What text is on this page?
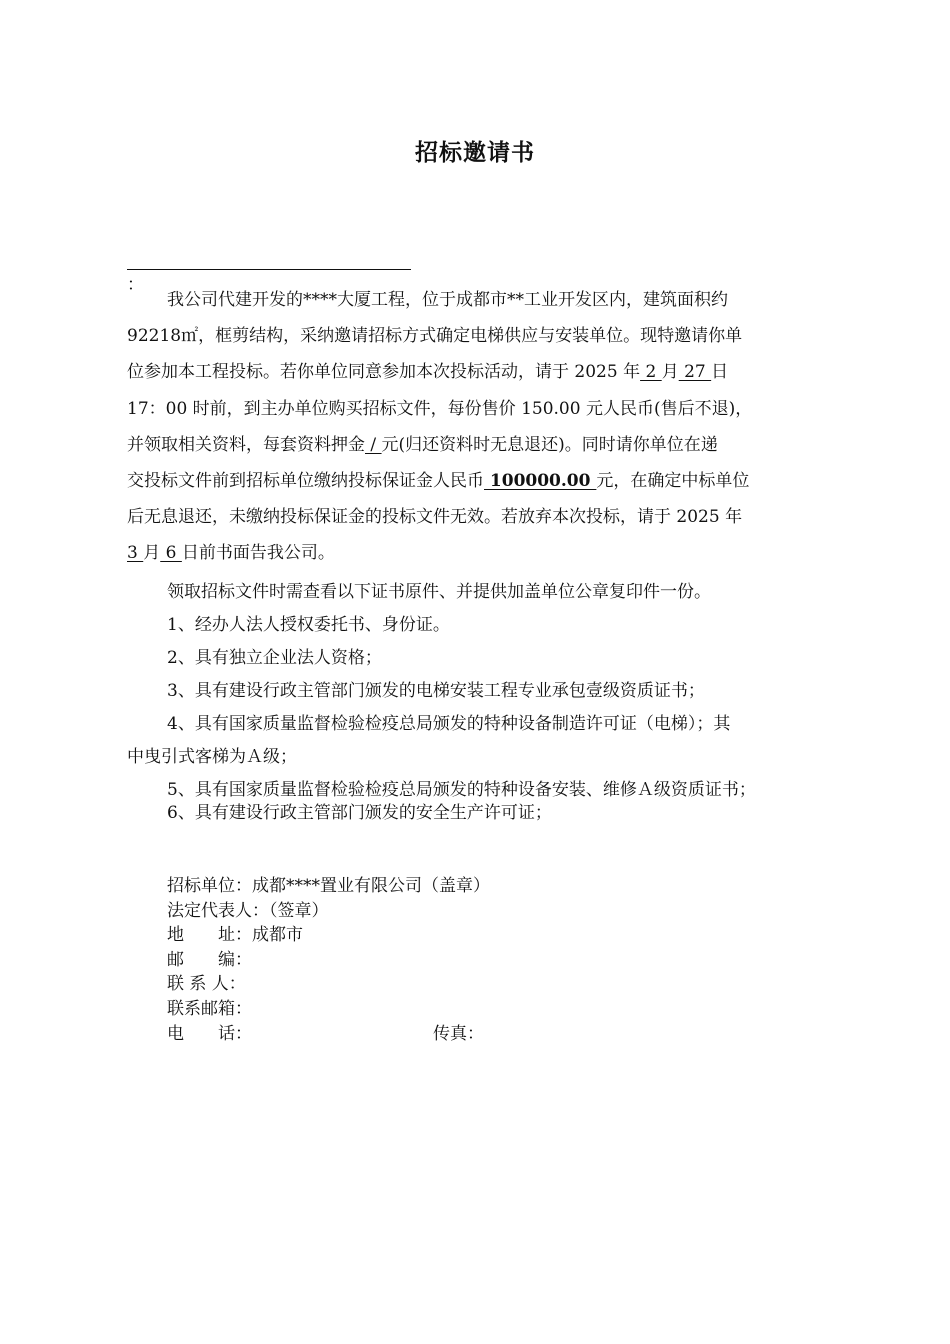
招标邀请书
：
我公司代建开发的****大厦工程，位于成都市**工业开发区内，建筑面积约
92218㎡，框剪结构，采纳邀请招标方式确定电梯供应与安装单位。现特邀请你单
位参加本工程投标。若你单位同意参加本次投标活动，请于 2025 年 2 月 27 日
17：00 时前，到主办单位购买招标文件，每份售价 150.00 元人民币(售后不退)，
并领取相关资料，每套资料押金 / 元(归还资料时无息退还)。同时请你单位在递
交投标文件前到招标单位缴纳投标保证金人民币 100000.00 元，在确定中标单位
后无息退还，未缴纳投标保证金的投标文件无效。若放弃本次投标，请于 2025 年
3 月 6 日前书面告我公司。
领取招标文件时需查看以下证书原件、并提供加盖单位公章复印件一份。
1、经办人法人授权委托书、身份证。
2、具有独立企业法人资格；
3、具有建设行政主管部门颁发的电梯安装工程专业承包壹级资质证书；
4、具有国家质量监督检验检疫总局颁发的特种设备制造许可证（电梯）；其
中曳引式客梯为Ａ级；
5、具有国家质量监督检验检疫总局颁发的特种设备安装、维修Ａ级资质证书；
6、具有建设行政主管部门颁发的安全生产许可证；
招标单位：成都****置业有限公司（盖章）
法定代表人：（签章）
地　　址：成都市
邮　　编：
联 系 人：
联系邮箱：
电　　话：	传真：
